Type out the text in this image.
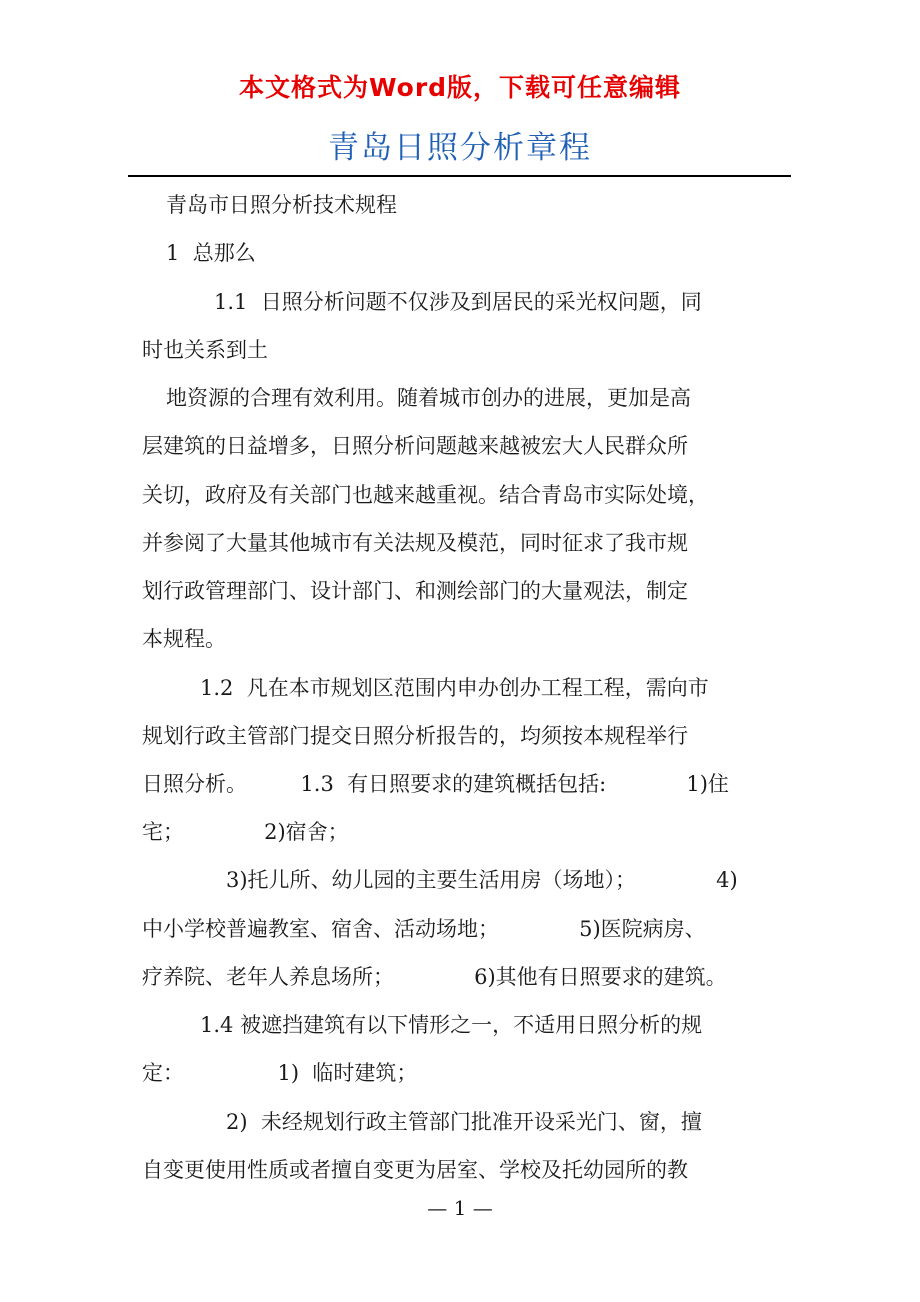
本文格式为Word版，下载可任意编辑
青岛日照分析章程
青岛市日照分析技术规程
1  总那么
1.1  日照分析问题不仅涉及到居民的采光权问题，同
时也关系到土
地资源的合理有效利用。随着城市创办的进展，更加是高
层建筑的日益增多，日照分析问题越来越被宏大人民群众所
关切，政府及有关部门也越来越重视。结合青岛市实际处境，
并参阅了大量其他城市有关法规及模范，同时征求了我市规
划行政管理部门、设计部门、和测绘部门的大量观法，制定
本规程。
1.2  凡在本市规划区范围内申办创办工程工程，需向市
规划行政主管部门提交日照分析报告的，均须按本规程举行
日照分析。        1.3  有日照要求的建筑概括包括:            1)住
宅；            2)宿舍；
3)托儿所、幼儿园的主要生活用房（场地）；            4)
中小学校普遍教室、宿舍、活动场地；            5)医院病房、
疗养院、老年人养息场所；            6)其他有日照要求的建筑。
1.4 被遮挡建筑有以下情形之一，不适用日照分析的规
定：              1)  临时建筑；
2)  未经规划行政主管部门批准开设采光门、窗，擅
自变更使用性质或者擅自变更为居室、学校及托幼园所的教
— 1 —
